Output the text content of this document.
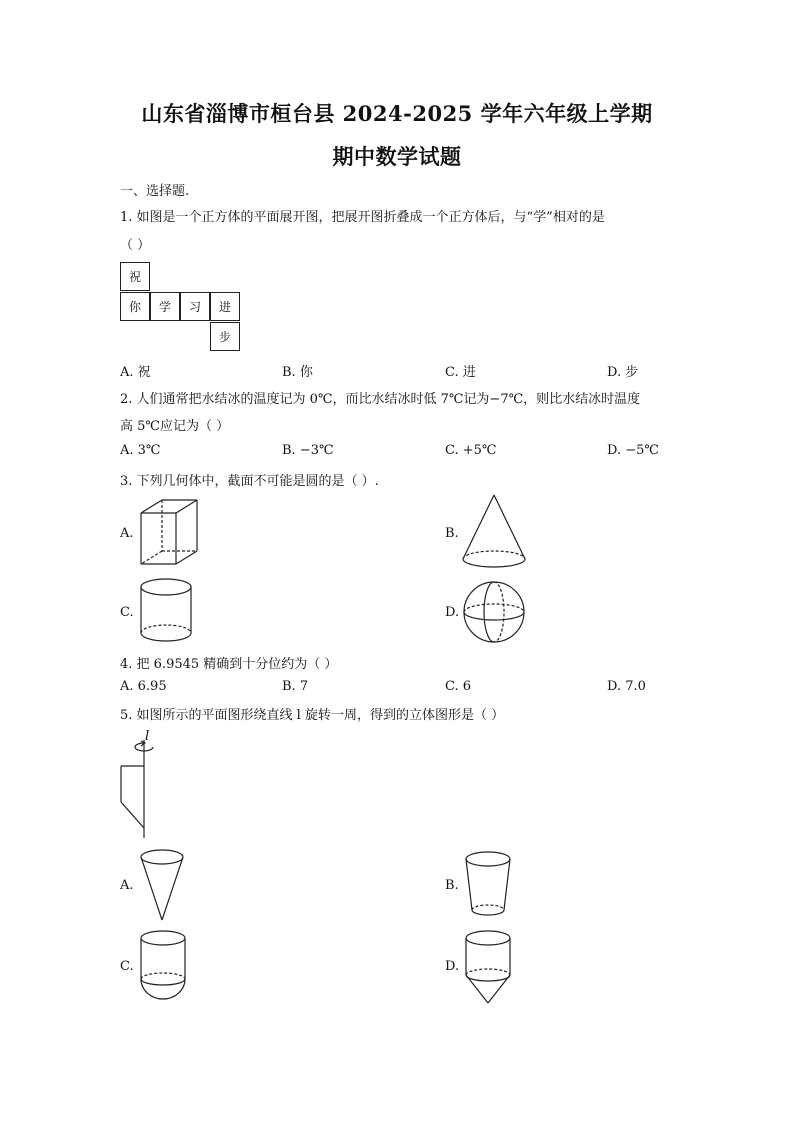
山东省淄博市桓台县 2024-2025 学年六年级上学期
期中数学试题
一、选择题.
1. 如图是一个正方体的平面展开图，把展开图折叠成一个正方体后，与“学”相对的是
（ ）
祝
你	学	习	进
步
A. 祝	B. 你	C. 进	D. 步
2. 人们通常把水结冰的温度记为 0℃，而比水结冰时低 7℃记为−7℃，则比水结冰时温度
高 5℃应记为（ ）
A. 3℃	B. −3℃	C. +5℃	D. −5℃
3. 下列几何体中，截面不可能是圆的是（ ）.
A.	B.
C.	D.
4. 把 6.9545 精确到十分位约为（ ）
A. 6.95	B. 7	C. 6	D. 7.0
5. 如图所示的平面图形绕直线 l 旋转一周，得到的立体图形是（ ）
l
A.	B.
C.	D.
